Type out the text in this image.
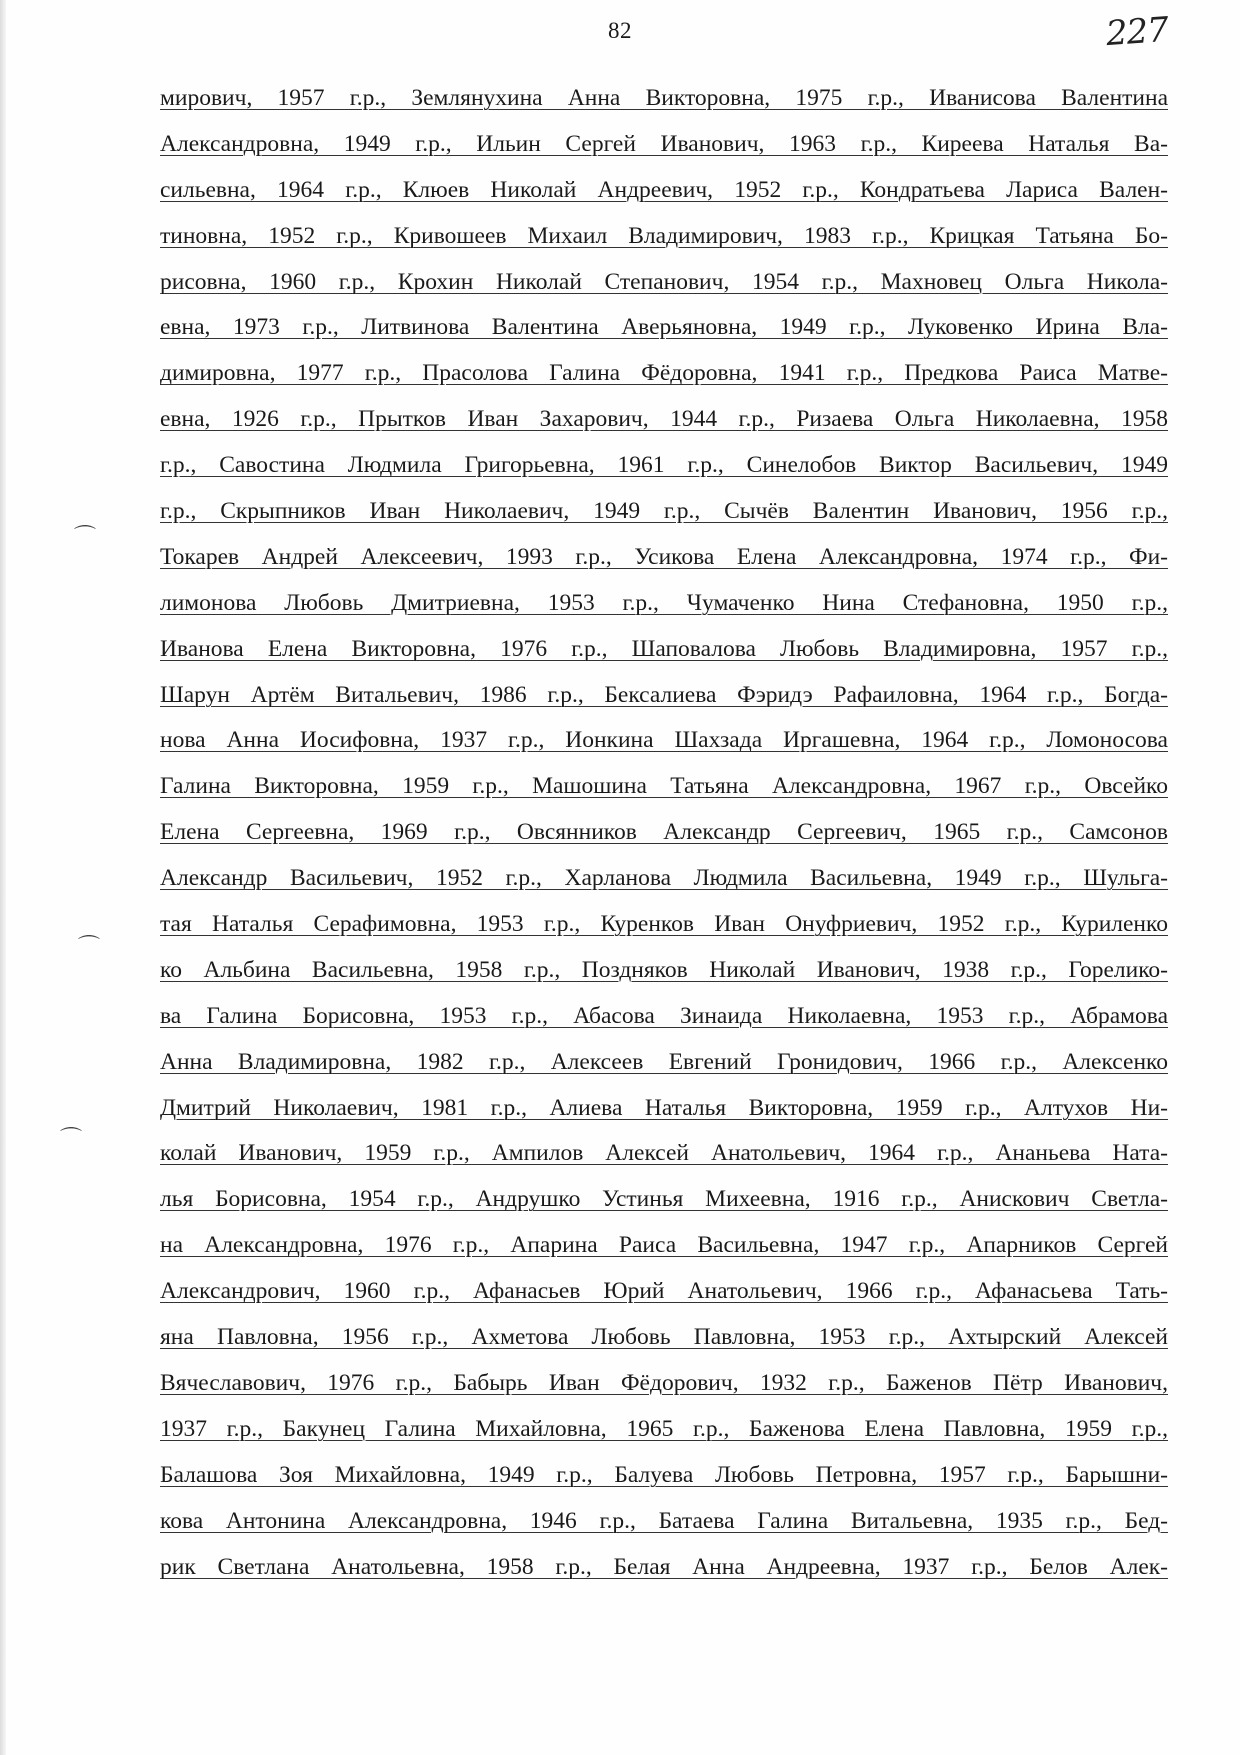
82	227
⌒
⌒
⌒
мирович, 1957 г.р., Землянухина Анна Викторовна, 1975 г.р., Иванисова Валентина
Александровна, 1949 г.р., Ильин Сергей Иванович, 1963 г.р., Киреева Наталья Ва-
сильевна, 1964 г.р., Клюев Николай Андреевич, 1952 г.р., Кондратьева Лариса Вален-
тиновна, 1952 г.р., Кривошеев Михаил Владимирович, 1983 г.р., Крицкая Татьяна Бо-
рисовна, 1960 г.р., Крохин Николай Степанович, 1954 г.р., Махновец Ольга Никола-
евна, 1973 г.р., Литвинова Валентина Аверьяновна, 1949 г.р., Луковенко Ирина Вла-
димировна, 1977 г.р., Прасолова Галина Фёдоровна, 1941 г.р., Предкова Раиса Матве-
евна, 1926 г.р., Прытков Иван Захарович, 1944 г.р., Ризаева Ольга Николаевна, 1958
г.р., Савостина Людмила Григорьевна, 1961 г.р., Синелобов Виктор Васильевич, 1949
г.р., Скрыпников Иван Николаевич, 1949 г.р., Сычёв Валентин Иванович, 1956 г.р.,
Токарев Андрей Алексеевич, 1993 г.р., Усикова Елена Александровна, 1974 г.р., Фи-
лимонова Любовь Дмитриевна, 1953 г.р., Чумаченко Нина Стефановна, 1950 г.р.,
Иванова Елена Викторовна, 1976 г.р., Шаповалова Любовь Владимировна, 1957 г.р.,
Шарун Артём Витальевич, 1986 г.р., Бексалиева Фэридэ Рафаиловна, 1964 г.р., Богда-
нова Анна Иосифовна, 1937 г.р., Ионкина Шахзада Иргашевна, 1964 г.р., Ломоносова
Галина Викторовна, 1959 г.р., Машошина Татьяна Александровна, 1967 г.р., Овсейко
Елена Сергеевна, 1969 г.р., Овсянников Александр Сергеевич, 1965 г.р., Самсонов
Александр Васильевич, 1952 г.р., Харланова Людмила Васильевна, 1949 г.р., Шульга-
тая Наталья Серафимовна, 1953 г.р., Куренков Иван Онуфриевич, 1952 г.р., Куриленко
ко Альбина Васильевна, 1958 г.р., Поздняков Николай Иванович, 1938 г.р., Горелико-
ва Галина Борисовна, 1953 г.р., Абасова Зинаида Николаевна, 1953 г.р., Абрамова
Анна Владимировна, 1982 г.р., Алексеев Евгений Гронидович, 1966 г.р., Алексенко
Дмитрий Николаевич, 1981 г.р., Алиева Наталья Викторовна, 1959 г.р., Алтухов Ни-
колай Иванович, 1959 г.р., Ампилов Алексей Анатольевич, 1964 г.р., Ананьева Ната-
лья Борисовна, 1954 г.р., Андрушко Устинья Михеевна, 1916 г.р., Анискович Светла-
на Александровна, 1976 г.р., Апарина Раиса Васильевна, 1947 г.р., Апарников Сергей
Александрович, 1960 г.р., Афанасьев Юрий Анатольевич, 1966 г.р., Афанасьева Тать-
яна Павловна, 1956 г.р., Ахметова Любовь Павловна, 1953 г.р., Ахтырский Алексей
Вячеславович, 1976 г.р., Бабырь Иван Фёдорович, 1932 г.р., Баженов Пётр Иванович,
1937 г.р., Бакунец Галина Михайловна, 1965 г.р., Баженова Елена Павловна, 1959 г.р.,
Балашова Зоя Михайловна, 1949 г.р., Балуева Любовь Петровна, 1957 г.р., Барышни-
кова Антонина Александровна, 1946 г.р., Батаева Галина Витальевна, 1935 г.р., Бед-
рик Светлана Анатольевна, 1958 г.р., Белая Анна Андреевна, 1937 г.р., Белов Алек-
